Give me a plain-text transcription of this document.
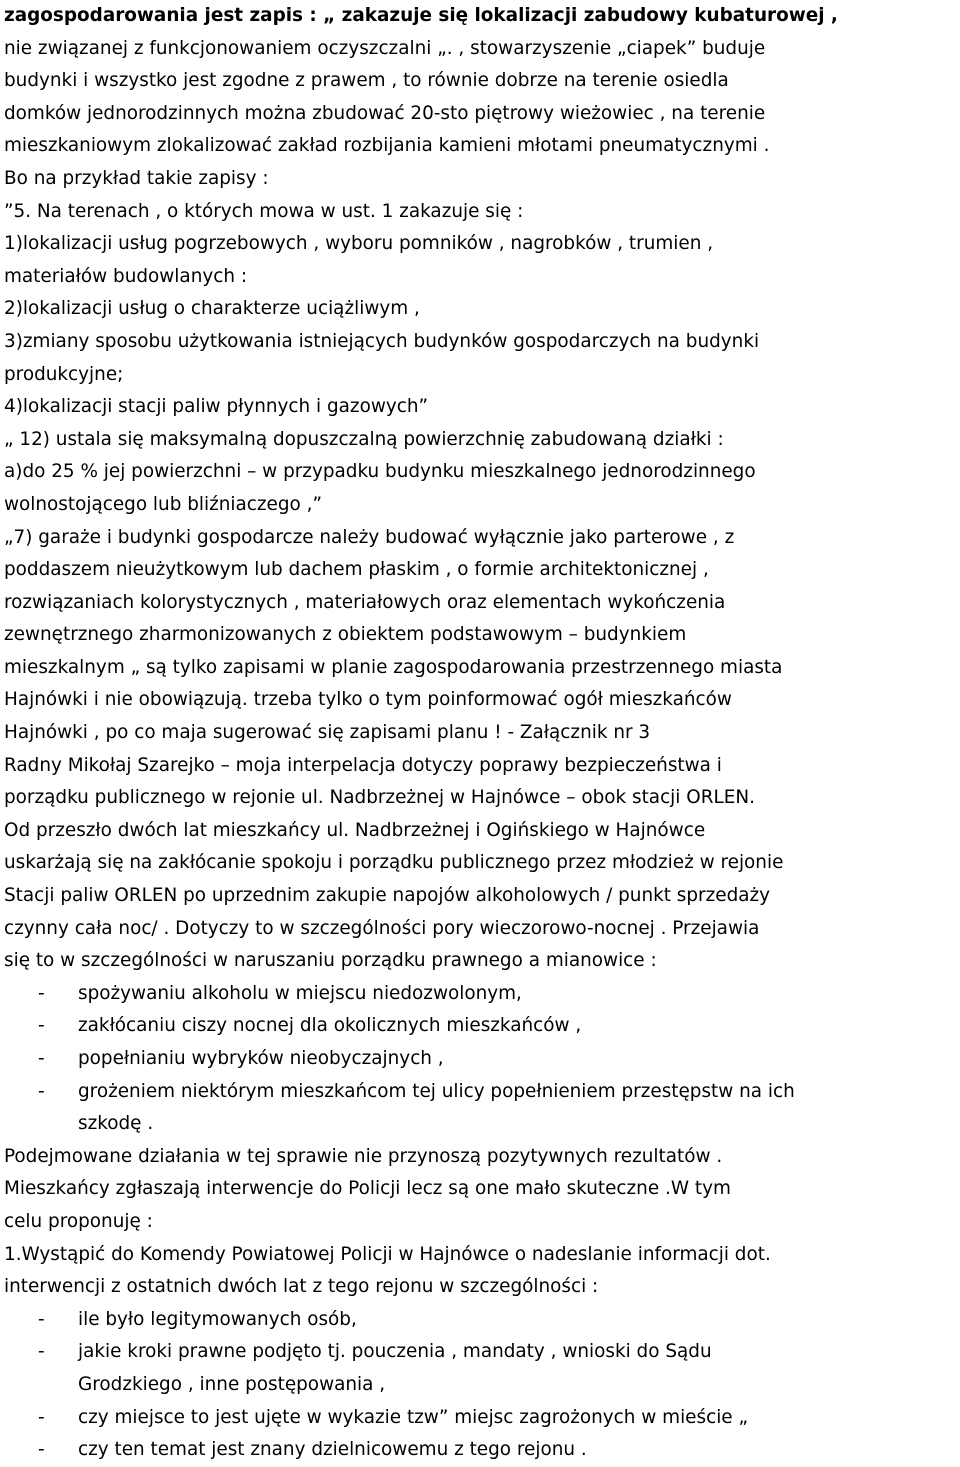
zagospodarowania jest zapis : „ zakazuje się lokalizacji zabudowy kubaturowej ,
nie związanej z funkcjonowaniem oczyszczalni „. , stowarzyszenie „ciapek” buduje
budynki i wszystko jest zgodne z prawem , to równie dobrze na terenie osiedla
domków jednorodzinnych można zbudować 20-sto piętrowy wieżowiec , na terenie
mieszkaniowym zlokalizować zakład rozbijania kamieni młotami pneumatycznymi .
Bo na przykład takie zapisy :
”5. Na terenach , o których mowa w ust. 1 zakazuje się :
1)lokalizacji usług pogrzebowych , wyboru pomników , nagrobków , trumien ,
materiałów budowlanych :
2)lokalizacji usług o charakterze uciążliwym ,
3)zmiany sposobu użytkowania istniejących budynków gospodarczych na budynki
produkcyjne;
4)lokalizacji stacji paliw płynnych i gazowych”
„ 12) ustala się maksymalną dopuszczalną powierzchnię zabudowaną działki :
a)do 25 % jej powierzchni – w przypadku budynku mieszkalnego jednorodzinnego
wolnostojącego lub bliźniaczego ,”
„7) garaże i budynki gospodarcze należy budować wyłącznie jako parterowe , z
poddaszem nieużytkowym lub dachem płaskim , o formie architektonicznej ,
rozwiązaniach kolorystycznych , materiałowych oraz elementach wykończenia
zewnętrznego zharmonizowanych z obiektem podstawowym – budynkiem
mieszkalnym „ są tylko zapisami w planie zagospodarowania przestrzennego miasta
Hajnówki i nie obowiązują. trzeba tylko o tym poinformować ogół mieszkańców
Hajnówki , po co maja sugerować się zapisami planu ! - Załącznik nr 3
Radny Mikołaj Szarejko – moja interpelacja dotyczy poprawy bezpieczeństwa i
porządku publicznego w rejonie ul. Nadbrzeżnej w Hajnówce – obok stacji ORLEN.
Od przeszło dwóch lat mieszkańcy ul. Nadbrzeżnej i Ogińskiego w Hajnówce
uskarżają się na zakłócanie spokoju i porządku publicznego przez młodzież w rejonie
Stacji paliw ORLEN po uprzednim zakupie napojów alkoholowych / punkt sprzedaży
czynny cała noc/ . Dotyczy to w szczególności pory wieczorowo-nocnej . Przejawia
się to w szczególności w naruszaniu porządku prawnego a mianowice :
- spożywaniu alkoholu w miejscu niedozwolonym,
- zakłócaniu ciszy nocnej dla okolicznych mieszkańców ,
- popełnianiu wybryków nieobyczajnych ,
- grożeniem niektórym mieszkańcom tej ulicy popełnieniem przestępstw na ich
szkodę .
Podejmowane działania w tej sprawie nie przynoszą pozytywnych rezultatów .
Mieszkańcy zgłaszają interwencje do Policji lecz są one mało skuteczne .W tym
celu proponuję :
1.Wystąpić do Komendy Powiatowej Policji w Hajnówce o nadeslanie informacji dot.
interwencji z ostatnich dwóch lat z tego rejonu w szczególności :
- ile było legitymowanych osób,
- jakie kroki prawne podjęto tj. pouczenia , mandaty , wnioski do Sądu
Grodzkiego , inne postępowania ,
- czy miejsce to jest ujęte w wykazie tzw” miejsc zagrożonych w mieście „
- czy ten temat jest znany dzielnicowemu z tego rejonu .
